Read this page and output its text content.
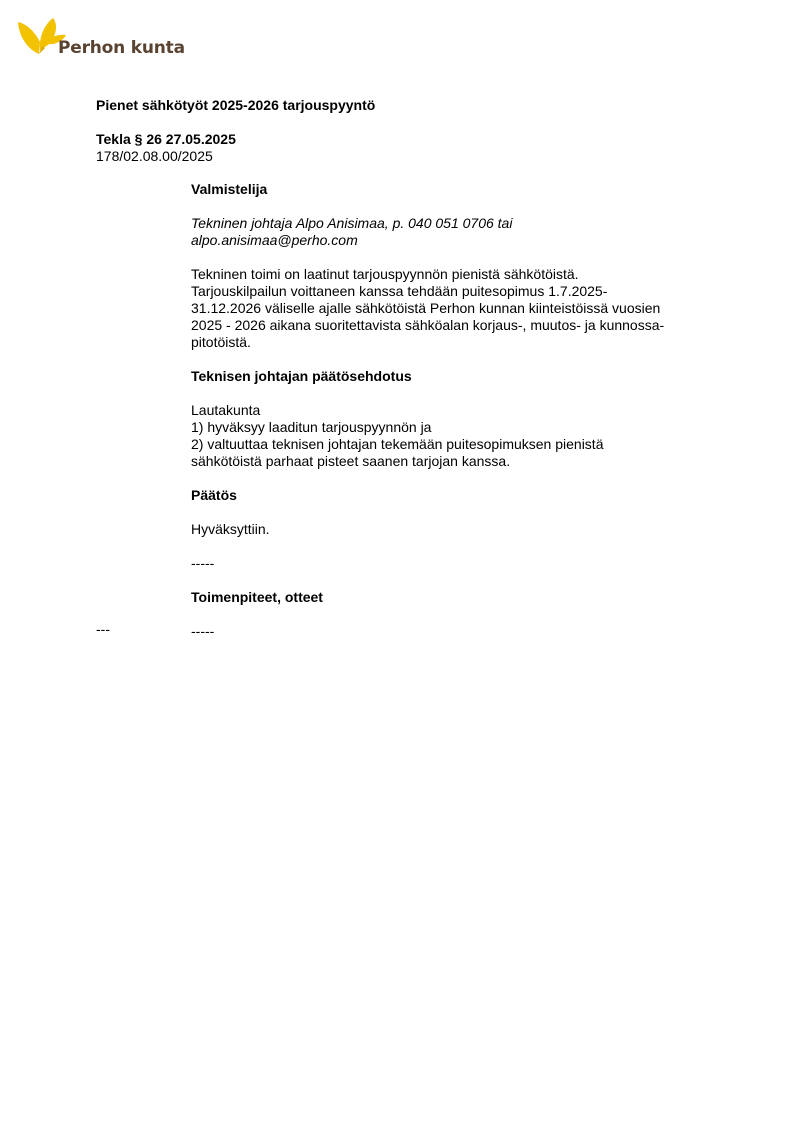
Perhon kunta
Pienet sähkötyöt 2025-2026 tarjouspyyntö
Tekla § 26 27.05.2025
178/02.08.00/2025

Valmistelija

Tekninen johtaja Alpo Anisimaa, p. 040 051 0706 tai

alpo.anisimaa@perho.com

Tekninen toimi on laatinut tarjouspyynnön pienistä sähkötöistä.

Tarjouskilpailun voittaneen kanssa tehdään puitesopimus 1.7.2025-

31.12.2026 väliselle ajalle sähkötöistä Perhon kunnan kiinteistöissä vuosien

2025 - 2026 aikana suoritettavista sähköalan korjaus-, muutos- ja kunnossa-

pitotöistä.

Teknisen johtajan päätösehdotus

Lautakunta

1) hyväksyy laaditun tarjouspyynnön ja

2) valtuuttaa teknisen johtajan tekemään puitesopimuksen pienistä

sähkötöistä parhaat pisteet saanen tarjojan kanssa.

Päätös

Hyväksyttiin.

-----

Toimenpiteet, otteet

-----

---
